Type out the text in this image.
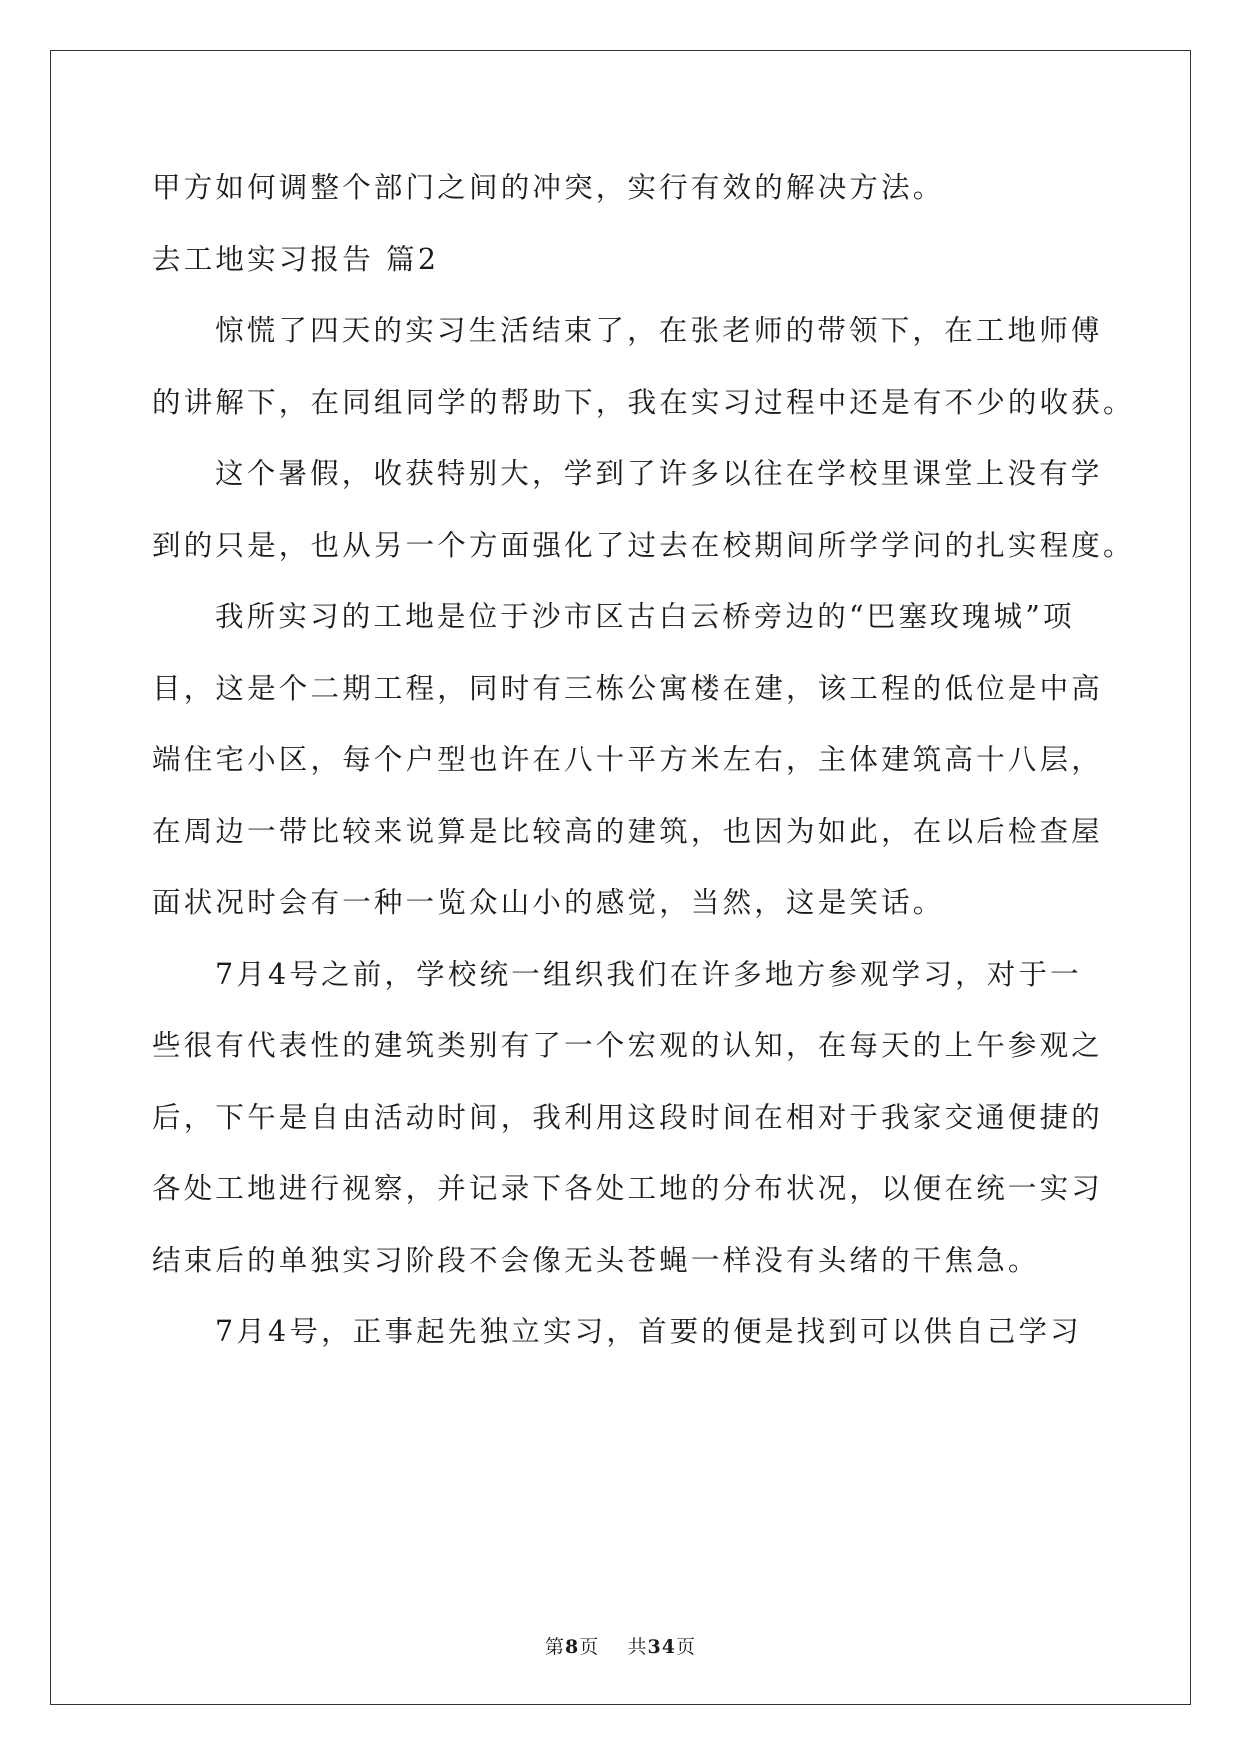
甲方如何调整个部门之间的冲突，实行有效的解决方法。
去工地实习报告 篇2
惊慌了四天的实习生活结束了，在张老师的带领下，在工地师傅
的讲解下，在同组同学的帮助下，我在实习过程中还是有不少的收获。
这个暑假，收获特别大，学到了许多以往在学校里课堂上没有学
到的只是，也从另一个方面强化了过去在校期间所学学问的扎实程度。
我所实习的工地是位于沙市区古白云桥旁边的“巴塞玫瑰城”项
目，这是个二期工程，同时有三栋公寓楼在建，该工程的低位是中高
端住宅小区，每个户型也许在八十平方米左右，主体建筑高十八层，
在周边一带比较来说算是比较高的建筑，也因为如此，在以后检查屋
面状况时会有一种一览众山小的感觉，当然，这是笑话。
7月4号之前，学校统一组织我们在许多地方参观学习，对于一
些很有代表性的建筑类别有了一个宏观的认知，在每天的上午参观之
后，下午是自由活动时间，我利用这段时间在相对于我家交通便捷的
各处工地进行视察，并记录下各处工地的分布状况，以便在统一实习
结束后的单独实习阶段不会像无头苍蝇一样没有头绪的干焦急。
7月4号，正事起先独立实习，首要的便是找到可以供自己学习
第8页 共34页
